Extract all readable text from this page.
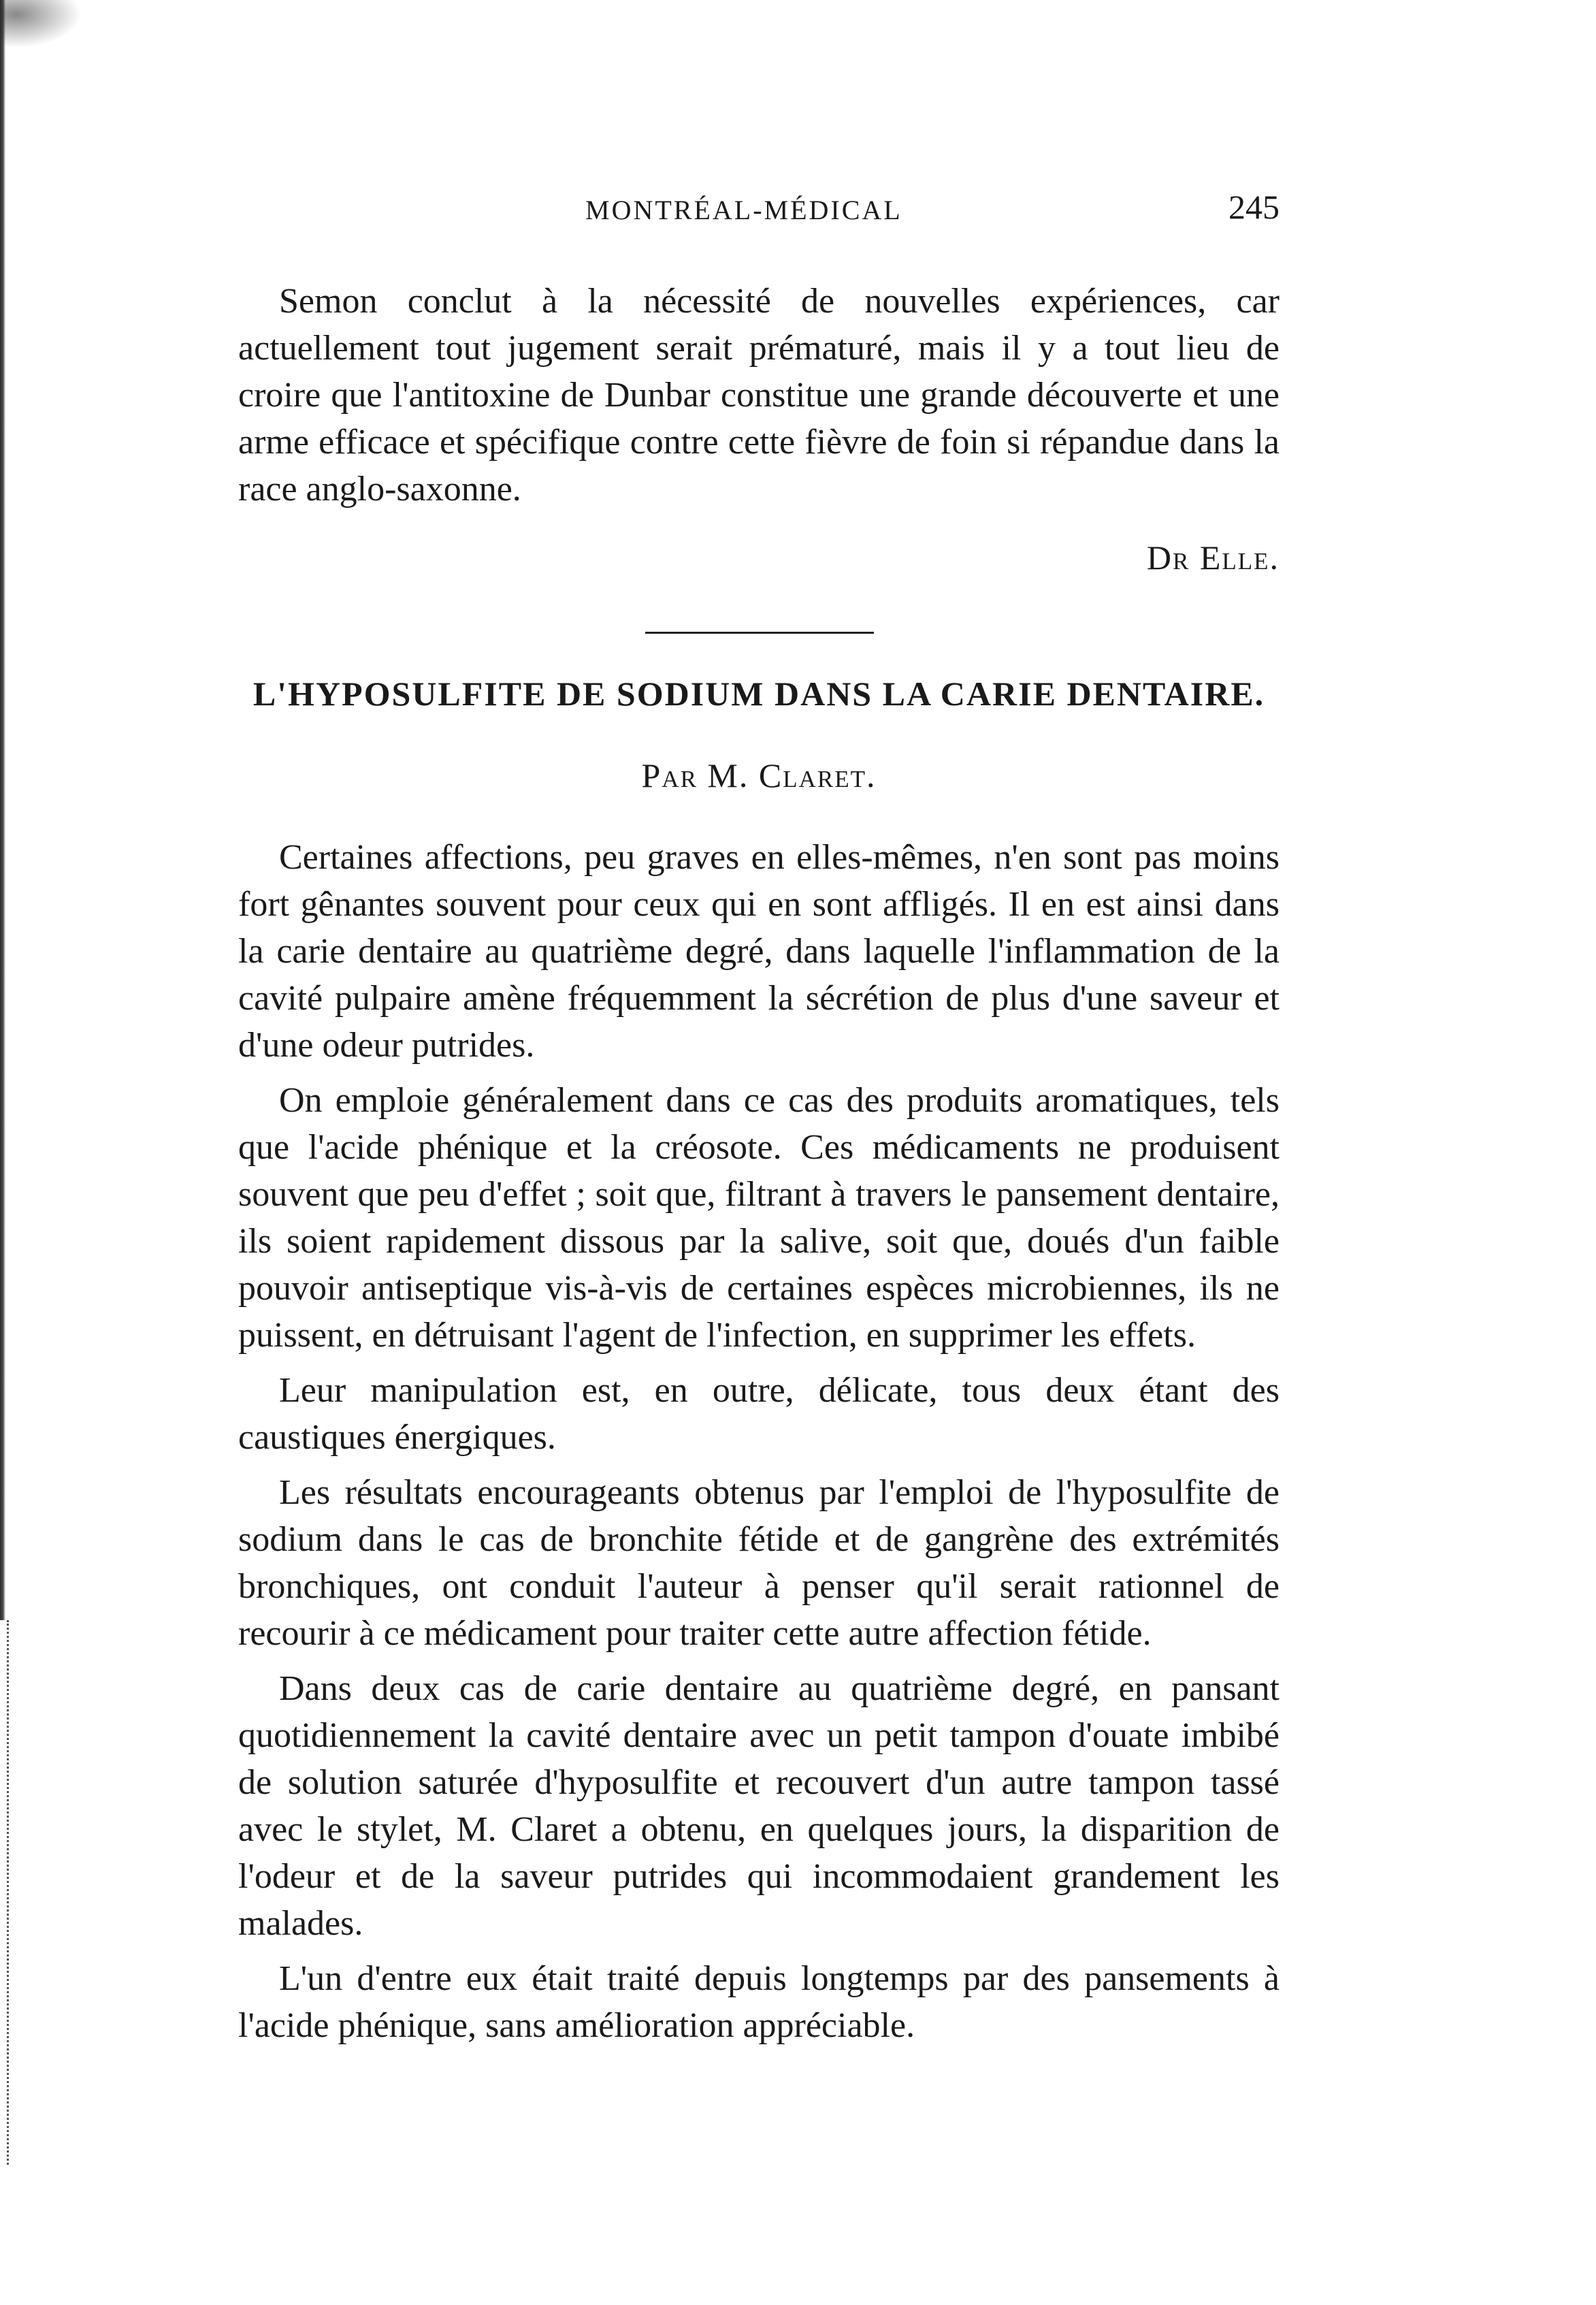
MONTRÉAL-MÉDICAL	245

Semon conclut à la nécessité de nouvelles expériences, car actuellement tout jugement serait prématuré, mais il y a tout lieu de croire que l'antitoxine de Dunbar constitue une grande découverte et une arme efficace et spécifique contre cette fièvre de foin si répandue dans la race anglo-saxonne.

Dr Elle.
L'HYPOSULFITE DE SODIUM DANS LA CARIE DENTAIRE.
Par M. Claret.

Certaines affections, peu graves en elles-mêmes, n'en sont pas moins fort gênantes souvent pour ceux qui en sont affligés. Il en est ainsi dans la carie dentaire au quatrième degré, dans laquelle l'inflammation de la cavité pulpaire amène fréquemment la sécrétion de plus d'une saveur et d'une odeur putrides.

On emploie généralement dans ce cas des produits aromatiques, tels que l'acide phénique et la créosote. Ces médicaments ne produisent souvent que peu d'effet ; soit que, filtrant à travers le pansement dentaire, ils soient rapidement dissous par la salive, soit que, doués d'un faible pouvoir antiseptique vis-à-vis de certaines espèces microbiennes, ils ne puissent, en détruisant l'agent de l'infection, en supprimer les effets.

Leur manipulation est, en outre, délicate, tous deux étant des caustiques énergiques.

Les résultats encourageants obtenus par l'emploi de l'hyposulfite de sodium dans le cas de bronchite fétide et de gangrène des extrémités bronchiques, ont conduit l'auteur à penser qu'il serait rationnel de recourir à ce médicament pour traiter cette autre affection fétide.

Dans deux cas de carie dentaire au quatrième degré, en pansant quotidiennement la cavité dentaire avec un petit tampon d'ouate imbibé de solution saturée d'hyposulfite et recouvert d'un autre tampon tassé avec le stylet, M. Claret a obtenu, en quelques jours, la disparition de l'odeur et de la saveur putrides qui incommodaient grandement les malades.

L'un d'entre eux était traité depuis longtemps par des pansements à l'acide phénique, sans amélioration appréciable.
